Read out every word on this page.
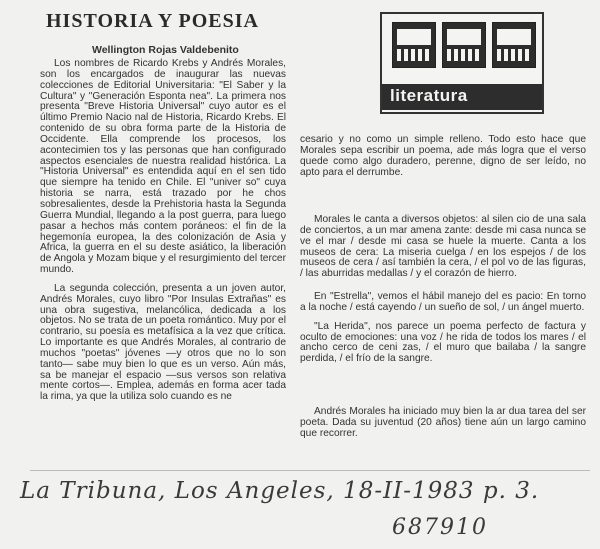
HISTORIA Y POESIA
Wellington Rojas Valdebenito
literatura

Los nombres de Ricardo Krebs y Andrés Morales, son los encargados de inaugurar las nuevas colecciones de Editorial Universitaria: "El Saber y la Cultura" y "Generación Esponta nea". La primera nos presenta "Breve Historia Universal" cuyo autor es el último Premio Nacio nal de Historia, Ricardo Krebs. El contenido de su obra forma parte de la Historia de Occidente. Ella comprende los procesos, los acontecimien tos y las personas que han configurado aspectos esenciales de nuestra realidad histórica. La "Historia Universal" es entendida aquí en el sen tido que siempre ha tenido en Chile. El "univer so" cuya historia se narra, está trazado por he chos sobresalientes, desde la Prehistoria hasta la Segunda Guerra Mundial, llegando a la post guerra, para luego pasar a hechos más contem poráneos: el fin de la hegemonía europea, la des colonización de Asia y Africa, la guerra en el su deste asiático, la liberación de Angola y Mozam bique y el resurgimiento del tercer mundo.

La segunda colección, presenta a un joven autor, Andrés Morales, cuyo libro "Por Insulas Extrañas" es una obra sugestiva, melancólica, dedicada a los objetos. No se trata de un poeta romántico. Muy por el contrario, su poesía es metafísica a la vez que crítica. Lo importante es que Andrés Morales, al contrario de muchos "poetas" jóvenes —y otros que no lo son tanto— sabe muy bien lo que es un verso. Aún más, sa be manejar el espacio —sus versos son relativa mente cortos—. Emplea, además en forma acer tada la rima, ya que la utiliza solo cuando es ne

cesario y no como un simple relleno. Todo esto hace que Morales sepa escribir un poema, ade más logra que el verso quede como algo duradero, perenne, digno de ser leído, no apto para el derrumbe.

Morales le canta a diversos objetos: al silen cio de una sala de conciertos, a un mar amena zante: desde mi casa nunca se ve el mar / desde mi casa se huele la muerte. Canta a los museos de cera: La miseria cuelga / en los espejos / de los museos de cera / así también la cera, / el pol vo de las figuras, / las aburridas medallas / y el corazón de hierro.

En "Estrella", vemos el hábil manejo del es pacio: En torno a la noche / está cayendo / un sueño de sol, / un ángel muerto.

"La Herida", nos parece un poema perfecto de factura y oculto de emociones: una voz / he rida de todos los mares / el ancho cerco de ceni zas, / el muro que bailaba / la sangre perdida, / el frío de la sangre.

Andrés Morales ha iniciado muy bien la ar dua tarea del ser poeta. Dada su juventud (20 años) tiene aún un largo camino que recorrer.

La Tribuna, Los Angeles, 18-II-1983 p. 3.
687910
